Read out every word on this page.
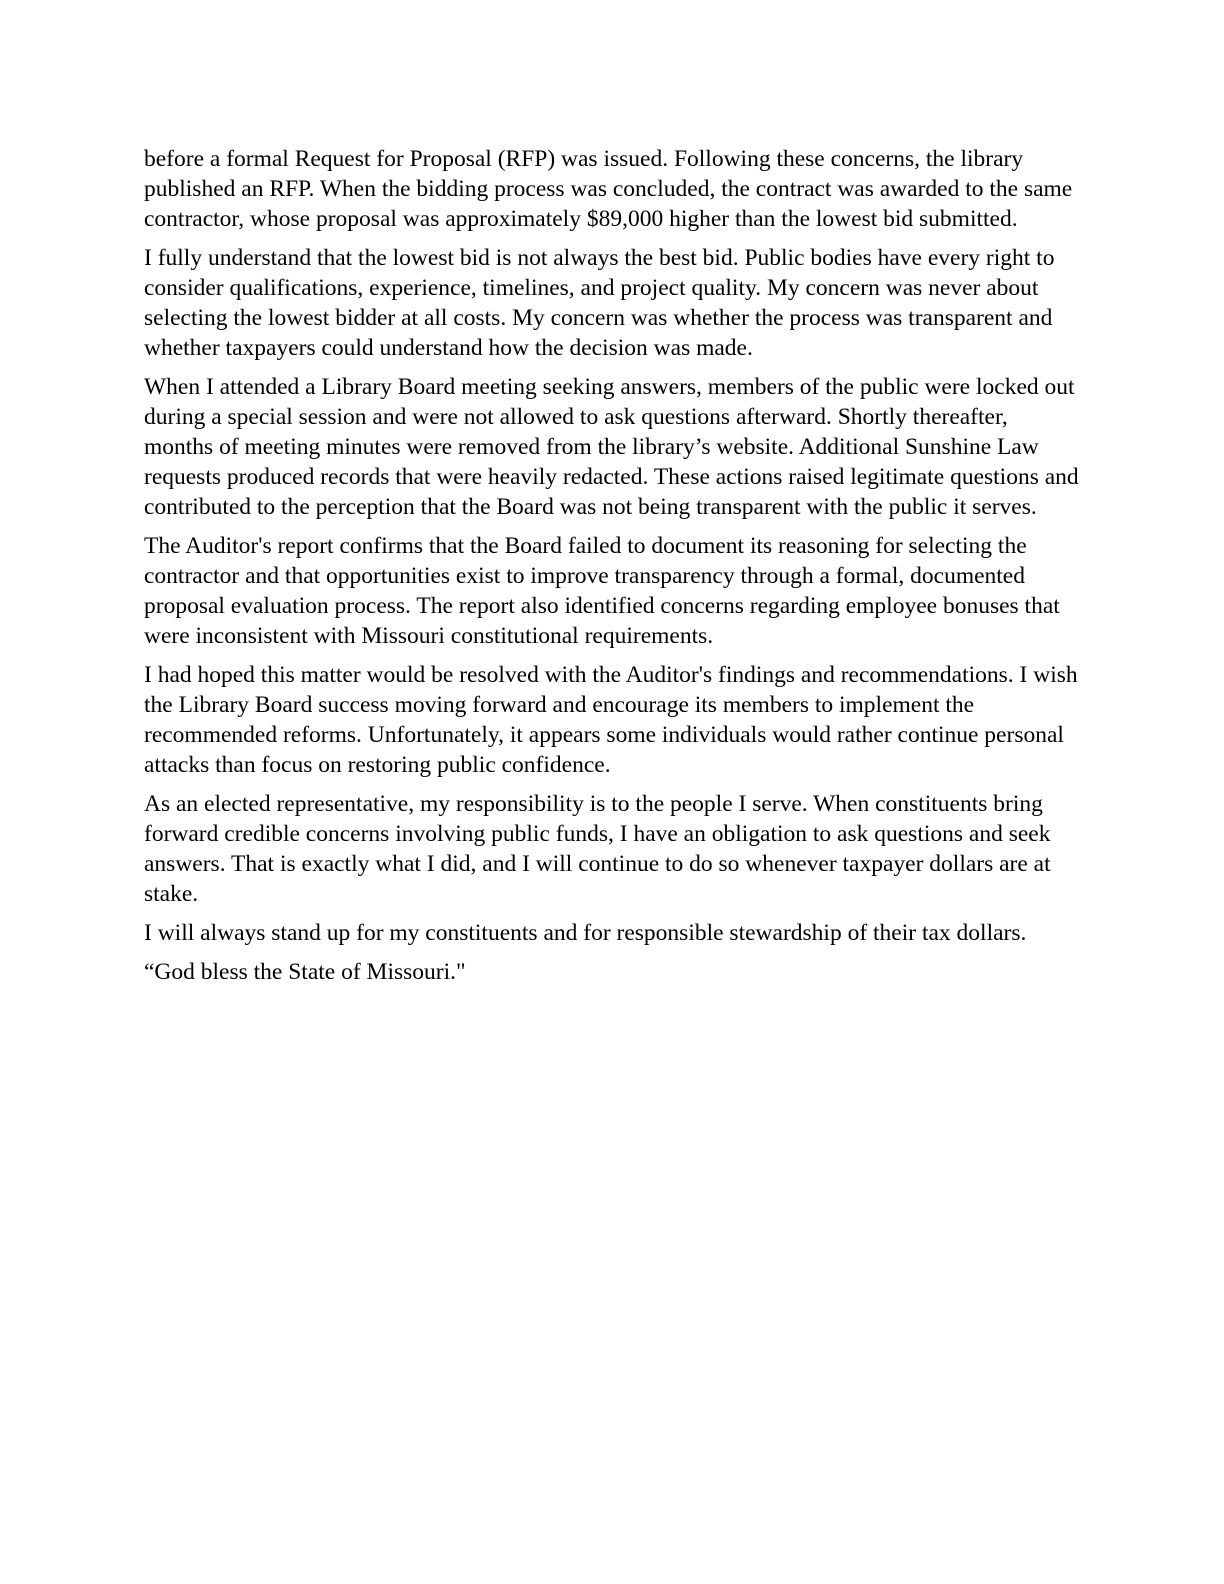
before a formal Request for Proposal (RFP) was issued. Following these concerns, the library published an RFP. When the bidding process was concluded, the contract was awarded to the same contractor, whose proposal was approximately $89,000 higher than the lowest bid submitted.

I fully understand that the lowest bid is not always the best bid. Public bodies have every right to consider qualifications, experience, timelines, and project quality. My concern was never about selecting the lowest bidder at all costs. My concern was whether the process was transparent and whether taxpayers could understand how the decision was made.

When I attended a Library Board meeting seeking answers, members of the public were locked out during a special session and were not allowed to ask questions afterward. Shortly thereafter, months of meeting minutes were removed from the library’s website. Additional Sunshine Law requests produced records that were heavily redacted. These actions raised legitimate questions and contributed to the perception that the Board was not being transparent with the public it serves.

The Auditor's report confirms that the Board failed to document its reasoning for selecting the contractor and that opportunities exist to improve transparency through a formal, documented proposal evaluation process. The report also identified concerns regarding employee bonuses that were inconsistent with Missouri constitutional requirements.

I had hoped this matter would be resolved with the Auditor's findings and recommendations. I wish the Library Board success moving forward and encourage its members to implement the recommended reforms. Unfortunately, it appears some individuals would rather continue personal attacks than focus on restoring public confidence.

As an elected representative, my responsibility is to the people I serve. When constituents bring forward credible concerns involving public funds, I have an obligation to ask questions and seek answers. That is exactly what I did, and I will continue to do so whenever taxpayer dollars are at stake.

I will always stand up for my constituents and for responsible stewardship of their tax dollars.

“God bless the State of Missouri."
